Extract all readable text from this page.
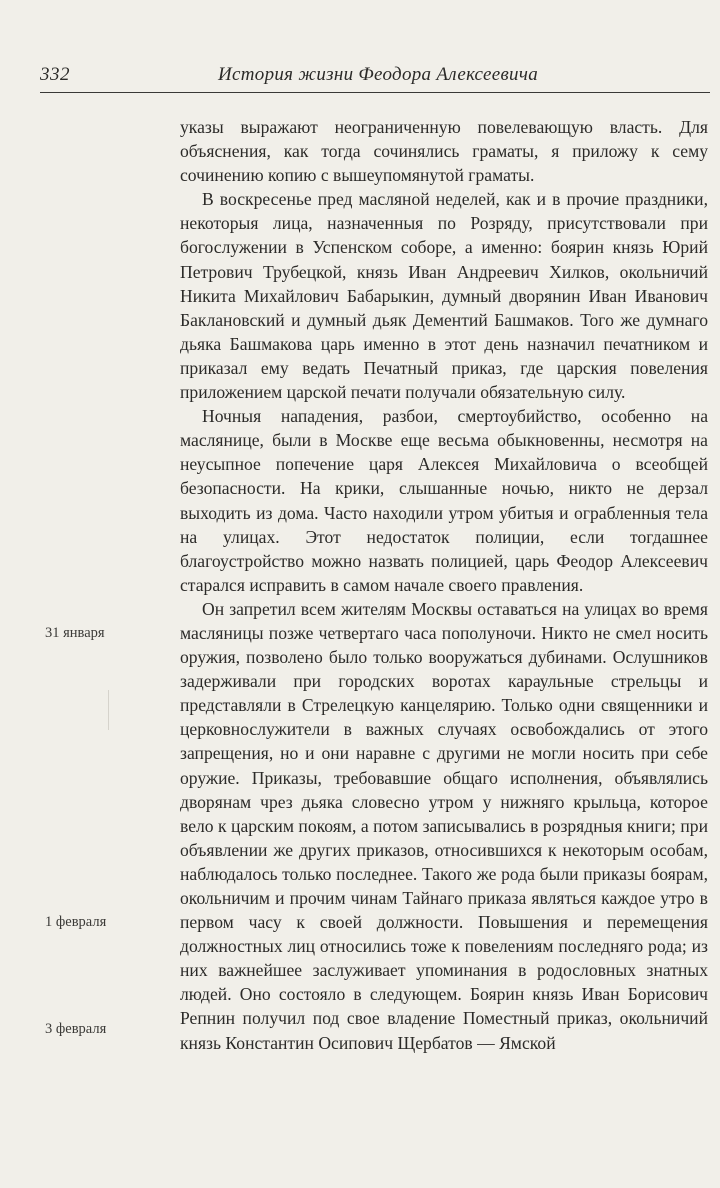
332	История жизни Феодора Алексеевича
31 января
1 февраля
3 февраля

указы выражают неограниченную повелевающую власть. Для объяснения, как тогда сочинялись граматы, я приложу к сему сочинению копию с вышеупомянутой граматы.

В воскресенье пред масляной неделей, как и в прочие праздники, некоторыя лица, назначенныя по Розряду, присутствовали при богослужении в Успенском соборе, а именно: боярин князь Юрий Петрович Трубецкой, князь Иван Андреевич Хилков, окольничий Никита Михайлович Бабарыкин, думный дворянин Иван Иванович Баклановский и думный дьяк Дементий Башмаков. Того же думнаго дьяка Башмакова царь именно в этот день назначил печатником и приказал ему ведать Печатный приказ, где царския повеления приложением царской печати получали обязательную силу.

Ночныя нападения, разбои, смертоубийство, особенно на маслянице, были в Москве еще весьма обыкновенны, несмотря на неусыпное попечение царя Алексея Михайловича о всеобщей безопасности. На крики, слышанные ночью, никто не дерзал выходить из дома. Часто находили утром убитыя и ограбленныя тела на улицах. Этот недостаток полиции, если тогдашнее благоустройство можно назвать полицией, царь Феодор Алексеевич старался исправить в самом начале своего правления.

Он запретил всем жителям Москвы оставаться на улицах во время масляницы позже четвертаго часа пополуночи. Никто не смел носить оружия, позволено было только вооружаться дубинами. Ослушников задерживали при городских воротах караульные стрельцы и представляли в Стрелецкую канцелярию. Только одни священники и церковнослужители в важных случаях освобождались от этого запрещения, но и они наравне с другими не могли носить при себе оружие. Приказы, требовавшие общаго исполнения, объявлялись дворянам чрез дьяка словесно утром у нижняго крыльца, которое вело к царским покоям, а потом записывались в розрядныя книги; при объявлении же других приказов, относившихся к некоторым особам, наблюдалось только последнее. Такого же рода были приказы боярам, окольничим и прочим чинам Тайнаго приказа являться каждое утро в первом часу к своей должности. Повышения и перемещения должностных лиц относились тоже к повелениям последняго рода; из них важнейшее заслуживает упоминания в родословных знатных людей. Оно состояло в следующем. Боярин князь Иван Борисович Репнин получил под свое владение Поместный приказ, окольничий князь Константин Осипович Щербатов — Ямской
